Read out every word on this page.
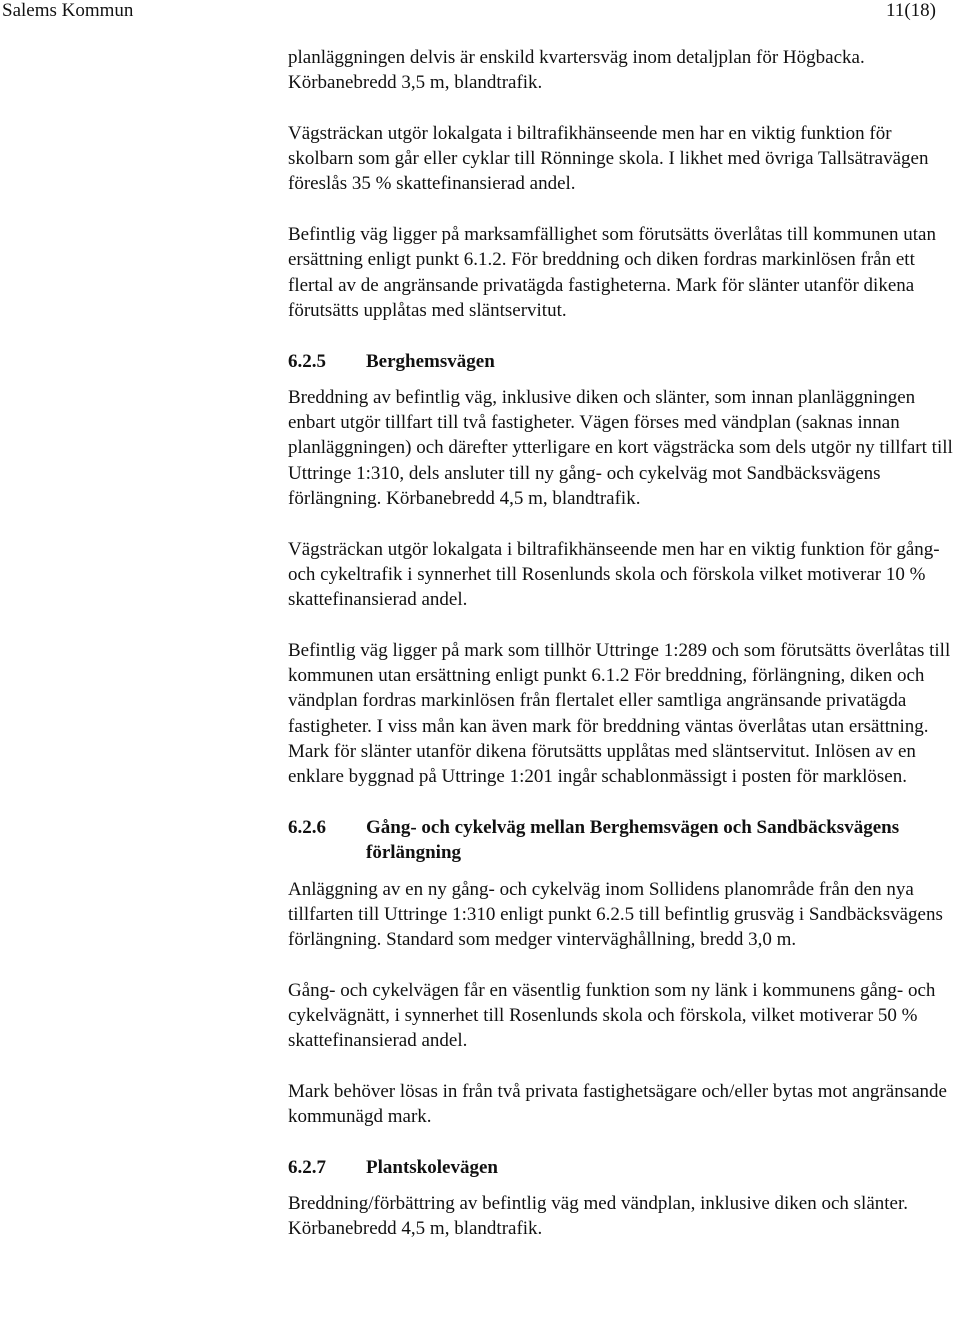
Salems Kommun	11(18)

planläggningen delvis är enskild kvartersväg inom detaljplan för Högbacka. Körbanebredd 3,5 m, blandtrafik.

Vägsträckan utgör lokalgata i biltrafikhänseende men har en viktig funktion för skolbarn som går eller cyklar till Rönninge skola. I likhet med övriga Tallsätravägen föreslås 35 % skattefinansierad andel.

Befintlig väg ligger på marksamfällighet som förutsätts överlåtas till kommunen utan ersättning enligt punkt 6.1.2. För breddning och diken fordras markinlösen från ett flertal av de angränsande privatägda fastigheterna. Mark för slänter utanför dikena förutsätts upplåtas med släntservitut.

6.2.5	Berghemsvägen

Breddning av befintlig väg, inklusive diken och slänter, som innan planläggningen enbart utgör tillfart till två fastigheter. Vägen förses med vändplan (saknas innan planläggningen) och därefter ytterligare en kort vägsträcka som dels utgör ny tillfart till Uttringe 1:310, dels ansluter till ny gång- och cykelväg mot Sandbäcksvägens förlängning. Körbanebredd 4,5 m, blandtrafik.

Vägsträckan utgör lokalgata i biltrafikhänseende men har en viktig funktion för gång- och cykeltrafik i synnerhet till Rosenlunds skola och förskola vilket motiverar 10 % skattefinansierad andel.

Befintlig väg ligger på mark som tillhör Uttringe 1:289 och som förutsätts överlåtas till kommunen utan ersättning enligt punkt 6.1.2 För breddning, förlängning, diken och vändplan fordras markinlösen från flertalet eller samtliga angränsande privatägda fastigheter. I viss mån kan även mark för breddning väntas överlåtas utan ersättning. Mark för slänter utanför dikena förutsätts upplåtas med släntservitut. Inlösen av en enklare byggnad på Uttringe 1:201 ingår schablonmässigt i posten för marklösen.

6.2.6	Gång- och cykelväg mellan Berghemsvägen och Sandbäcksvägens förlängning

Anläggning av en ny gång- och cykelväg inom Sollidens planområde från den nya tillfarten till Uttringe 1:310 enligt punkt 6.2.5 till befintlig grusväg i Sandbäcksvägens förlängning. Standard som medger vinterväghållning, bredd 3,0 m.

Gång- och cykelvägen får en väsentlig funktion som ny länk i kommunens gång- och cykelvägnätt, i synnerhet till Rosenlunds skola och förskola, vilket motiverar 50 % skattefinansierad andel.

Mark behöver lösas in från två privata fastighetsägare och/eller bytas mot angränsande kommunägd mark.

6.2.7	Plantskolevägen

Breddning/förbättring av befintlig väg med vändplan, inklusive diken och slänter. Körbanebredd 4,5 m, blandtrafik.
